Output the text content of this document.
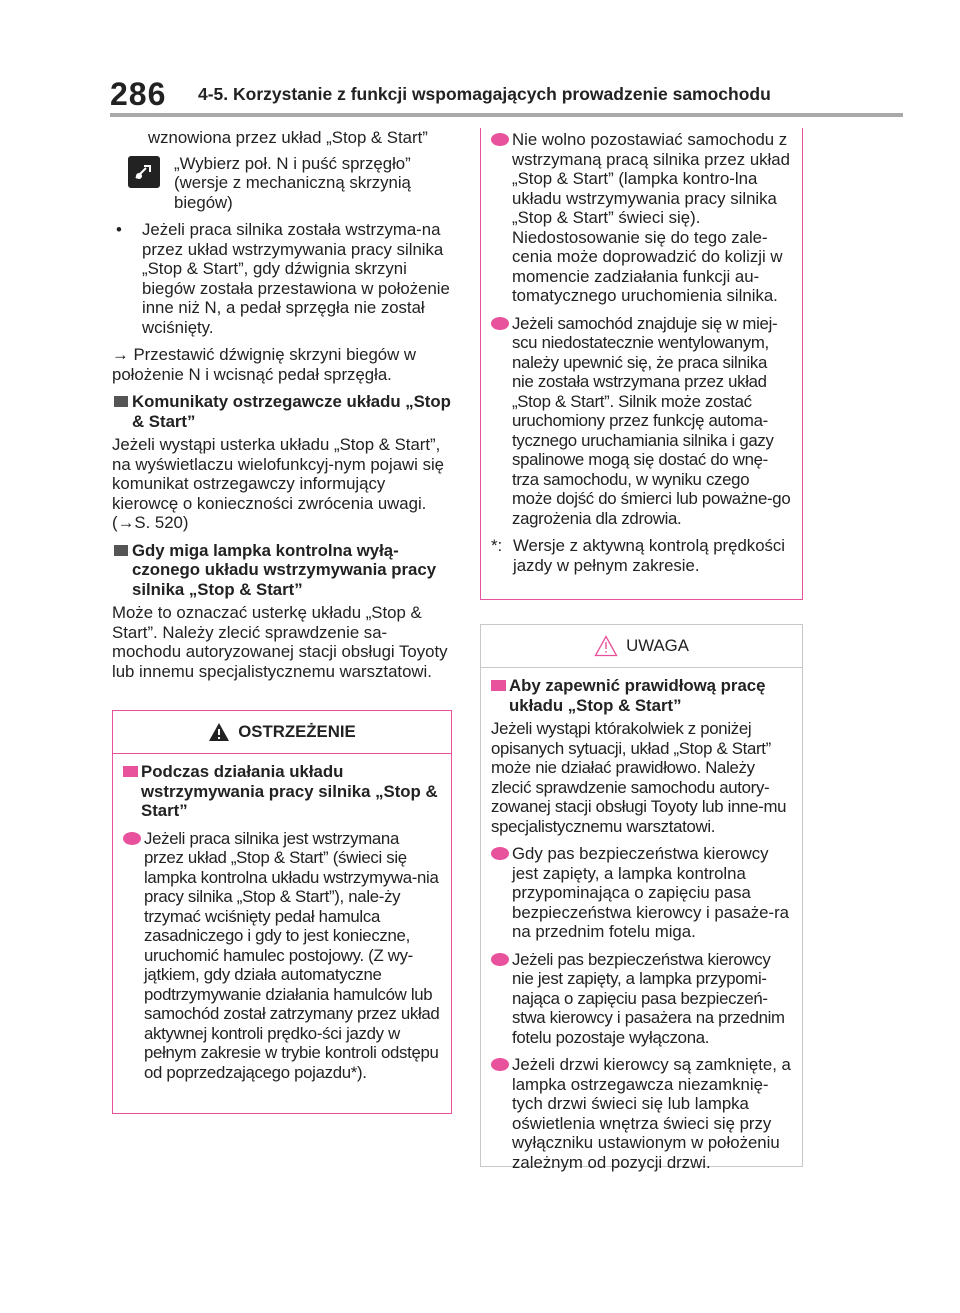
286 4-5. Korzystanie z funkcji wspomagających prowadzenie samochodu

wznowiona przez układ „Stop & Start”

„Wybierz poł. N i puść sprzęgło” (wersje z mechaniczną skrzynią biegów)

•	Jeżeli praca silnika została wstrzyma-na przez układ wstrzymywania pracy silnika „Stop & Start”, gdy dźwignia skrzyni biegów została przestawiona w położenie inne niż N, a pedał sprzęgła nie został wciśnięty.

→ Przestawić dźwignię skrzyni biegów w położenie N i wcisnąć pedał sprzęgła.

Komunikaty ostrzegawcze układu „Stop & Start”

Jeżeli wystąpi usterka układu „Stop & Start”, na wyświetlaczu wielofunkcyj-nym pojawi się komunikat ostrzegawczy informujący kierowcę o konieczności zwrócenia uwagi. (→S. 520)

Gdy miga lampka kontrolna wyłą-czonego układu wstrzymywania pracy silnika „Stop & Start”

Może to oznaczać usterkę układu „Stop & Start”. Należy zlecić sprawdzenie sa-mochodu autoryzowanej stacji obsługi Toyoty lub innemu specjalistycznemu warsztatowi.

OSTRZEŻENIE
Podczas działania układu wstrzymywania pracy silnika „Stop & Start”
Jeżeli praca silnika jest wstrzymana przez układ „Stop & Start” (świeci się lampka kontrolna układu wstrzymywa-nia pracy silnika „Stop & Start”), nale-ży trzymać wciśnięty pedał hamulca zasadniczego i gdy to jest konieczne, uruchomić hamulec postojowy. (Z wy-jątkiem, gdy działa automatyczne podtrzymywanie działania hamulców lub samochód został zatrzymany przez układ aktywnej kontroli prędko-ści jazdy w pełnym zakresie w trybie kontroli odstępu od poprzedzającego pojazdu*).
Nie wolno pozostawiać samochodu z wstrzymaną pracą silnika przez układ „Stop & Start” (lampka kontro-lna układu wstrzymywania pracy silnika „Stop & Start” świeci się). Niedostosowanie się do tego zale-cenia może doprowadzić do kolizji w momencie zadziałania funkcji au-tomatycznego uruchomienia silnika.
Jeżeli samochód znajduje się w miej-scu niedostatecznie wentylowanym, należy upewnić się, że praca silnika nie została wstrzymana przez układ „Stop & Start”. Silnik może zostać uruchomiony przez funkcję automa-tycznego uruchamiania silnika i gazy spalinowe mogą się dostać do wnę-trza samochodu, w wyniku czego może dojść do śmierci lub poważne-go zagrożenia dla zdrowia.
*: Wersje z aktywną kontrolą prędkości jazdy w pełnym zakresie.
UWAGA
Aby zapewnić prawidłową pracę układu „Stop & Start”

Jeżeli wystąpi którakolwiek z poniżej opisanych sytuacji, układ „Stop & Start” może nie działać prawidłowo. Należy zlecić sprawdzenie samochodu autory-zowanej stacji obsługi Toyoty lub inne-mu specjalistycznemu warsztatowi.

Gdy pas bezpieczeństwa kierowcy jest zapięty, a lampka kontrolna przypominająca o zapięciu pasa bezpieczeństwa kierowcy i pasaże-ra na przednim fotelu miga.
Jeżeli pas bezpieczeństwa kierowcy nie jest zapięty, a lampka przypomi-nająca o zapięciu pasa bezpieczeń-stwa kierowcy i pasażera na przednim fotelu pozostaje wyłączona.
Jeżeli drzwi kierowcy są zamknięte, a lampka ostrzegawcza niezamknię-tych drzwi świeci się lub lampka oświetlenia wnętrza świeci się przy wyłączniku ustawionym w położeniu zależnym od pozycji drzwi.
